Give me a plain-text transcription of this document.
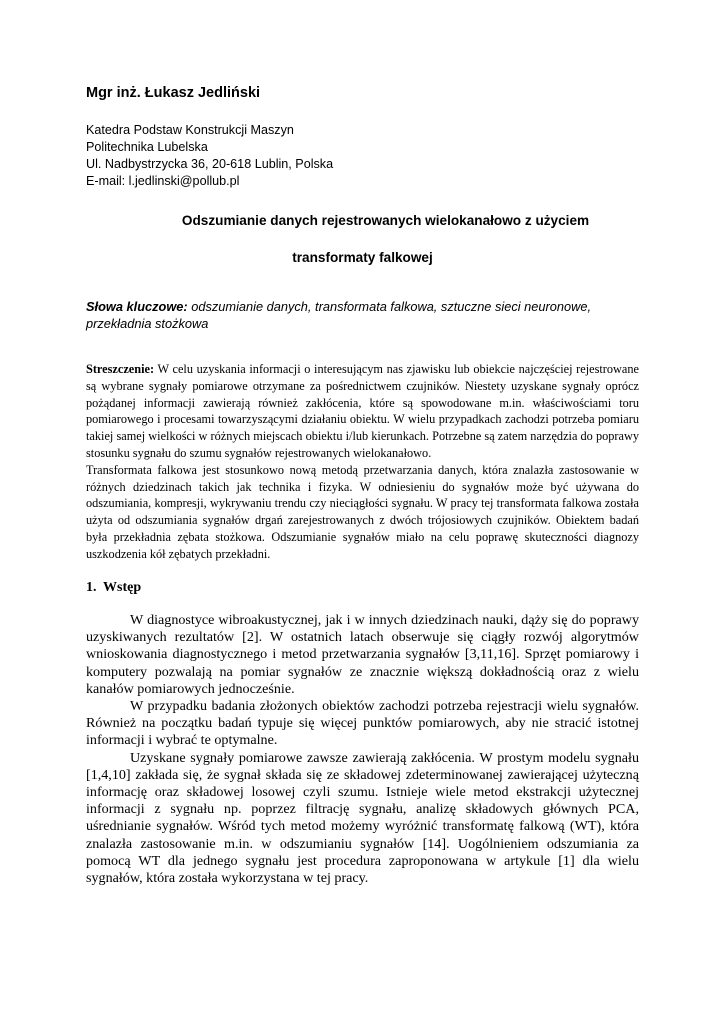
Mgr inż. Łukasz Jedliński
Katedra Podstaw Konstrukcji Maszyn
Politechnika Lubelska
Ul. Nadbystrzycka 36, 20-618 Lublin, Polska
E-mail: l.jedlinski@pollub.pl
Odszumianie danych rejestrowanych wielokanałowo z użyciem
transformaty falkowej
Słowa kluczowe: odszumianie danych, transformata falkowa, sztuczne sieci neuronowe, przekładnia stożkowa

Streszczenie: W celu uzyskania informacji o interesującym nas zjawisku lub obiekcie najczęściej rejestrowane są wybrane sygnały pomiarowe otrzymane za pośrednictwem czujników. Niestety uzyskane sygnały oprócz pożądanej informacji zawierają również zakłócenia, które są spowodowane m.in. właściwościami toru pomiarowego i procesami towarzyszącymi działaniu obiektu. W wielu przypadkach zachodzi potrzeba pomiaru takiej samej wielkości w różnych miejscach obiektu i/lub kierunkach. Potrzebne są zatem narzędzia do poprawy stosunku sygnału do szumu sygnałów rejestrowanych wielokanałowo.

Transformata falkowa jest stosunkowo nową metodą przetwarzania danych, która znalazła zastosowanie w różnych dziedzinach takich jak technika i fizyka. W odniesieniu do sygnałów może być używana do odszumiania, kompresji, wykrywaniu trendu czy nieciągłości sygnału. W pracy tej transformata falkowa została użyta od odszumiania sygnałów drgań zarejestrowanych z dwóch trójosiowych czujników. Obiektem badań była przekładnia zębata stożkowa. Odszumianie sygnałów miało na celu poprawę skuteczności diagnozy uszkodzenia kół zębatych przekładni.

1. Wstęp

W diagnostyce wibroakustycznej, jak i w innych dziedzinach nauki, dąży się do poprawy uzyskiwanych rezultatów [2]. W ostatnich latach obserwuje się ciągły rozwój algorytmów wnioskowania diagnostycznego i metod przetwarzania sygnałów [3,11,16]. Sprzęt pomiarowy i komputery pozwalają na pomiar sygnałów ze znacznie większą dokładnością oraz z wielu kanałów pomiarowych jednocześnie.

W przypadku badania złożonych obiektów zachodzi potrzeba rejestracji wielu sygnałów. Również na początku badań typuje się więcej punktów pomiarowych, aby nie stracić istotnej informacji i wybrać te optymalne.

Uzyskane sygnały pomiarowe zawsze zawierają zakłócenia. W prostym modelu sygnału [1,4,10] zakłada się, że sygnał składa się ze składowej zdeterminowanej zawierającej użyteczną informację oraz składowej losowej czyli szumu. Istnieje wiele metod ekstrakcji użytecznej informacji z sygnału np. poprzez filtrację sygnału, analizę składowych głównych PCA, uśrednianie sygnałów. Wśród tych metod możemy wyróżnić transformatę falkową (WT), która znalazła zastosowanie m.in. w odszumianiu sygnałów [14]. Uogólnieniem odszumiania za pomocą WT dla jednego sygnału jest procedura zaproponowana w artykule [1] dla wielu sygnałów, która została wykorzystana w tej pracy.
